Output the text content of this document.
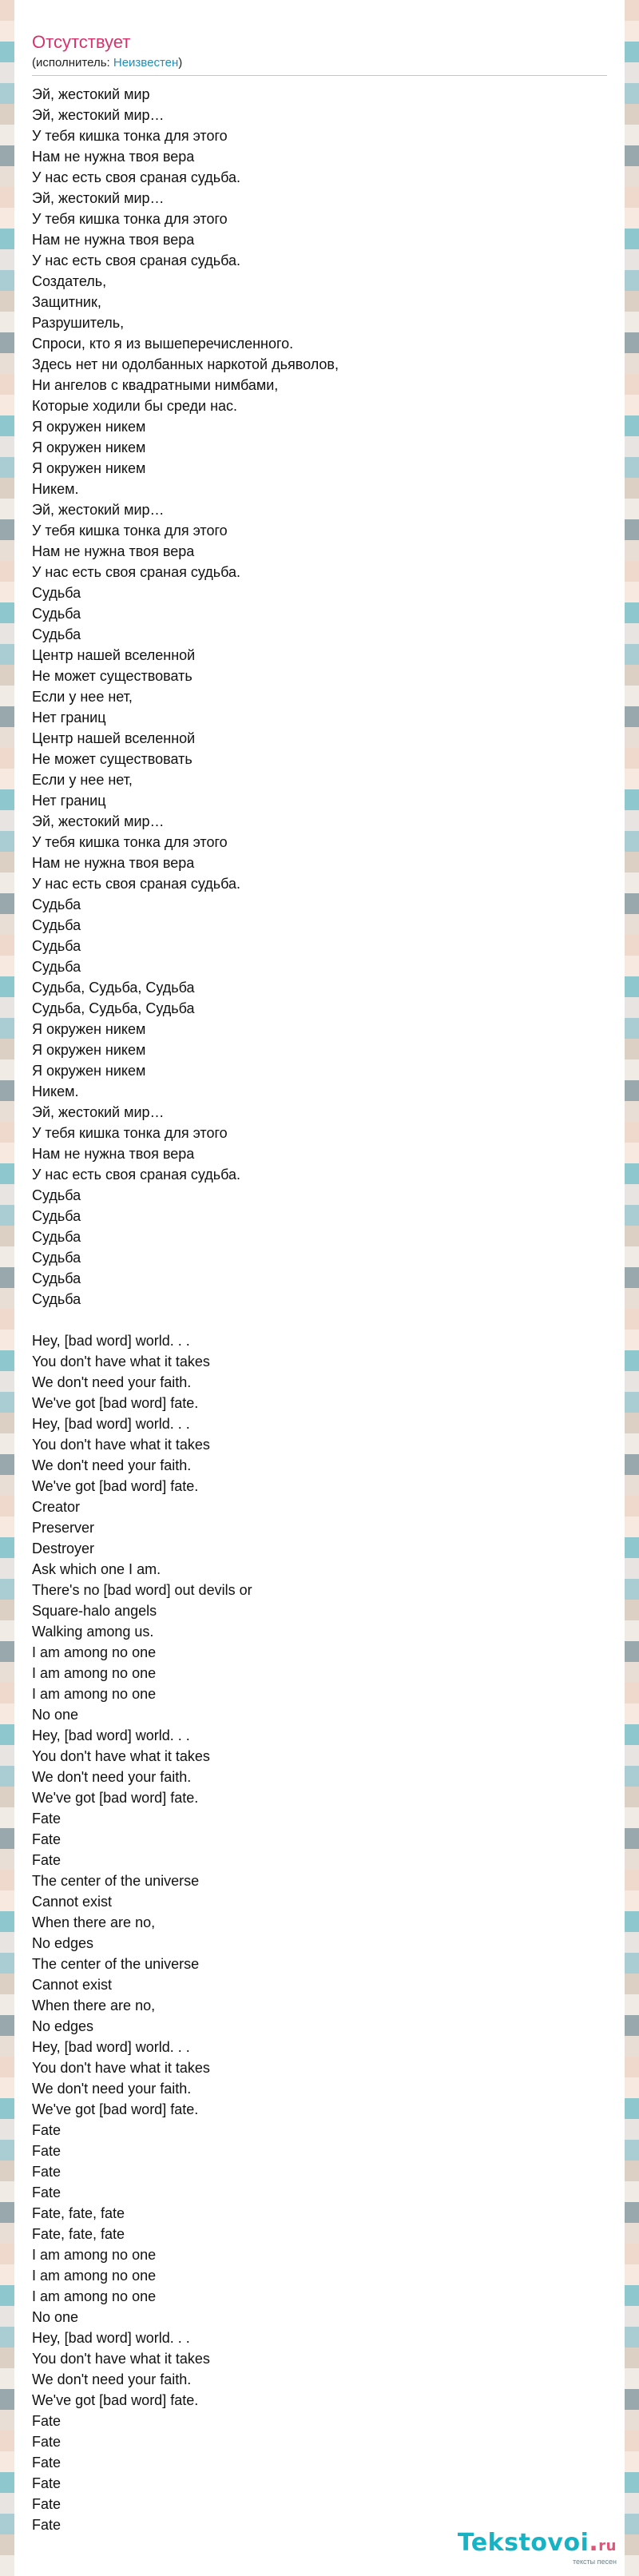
Отсутствует
(исполнитель: Неизвестен)
Эй, жестокий мир
Эй, жестокий мир…
У тебя кишка тонка для этого
Нам не нужна твоя вера
У нас есть своя сраная судьба.
Эй, жестокий мир…
У тебя кишка тонка для этого
Нам не нужна твоя вера
У нас есть своя сраная судьба.
Создатель,
Защитник,
Разрушитель,
Спроси, кто я из вышеперечисленного.
Здесь нет ни одолбанных наркотой дьяволов,
Ни ангелов с квадратными нимбами,
Которые ходили бы среди нас.
Я окружен никем
Я окружен никем
Я окружен никем
Никем.
Эй, жестокий мир…
У тебя кишка тонка для этого
Нам не нужна твоя вера
У нас есть своя сраная судьба.
Судьба
Судьба
Судьба
Центр нашей вселенной
Не может существовать
Если у нее нет,
Нет границ
Центр нашей вселенной
Не может существовать
Если у нее нет,
Нет границ
Эй, жестокий мир…
У тебя кишка тонка для этого
Нам не нужна твоя вера
У нас есть своя сраная судьба.
Судьба
Судьба
Судьба
Судьба
Судьба, Судьба, Судьба
Судьба, Судьба, Судьба
Я окружен никем
Я окружен никем
Я окружен никем
Никем.
Эй, жестокий мир…
У тебя кишка тонка для этого
Нам не нужна твоя вера
У нас есть своя сраная судьба.
Судьба
Судьба
Судьба
Судьба
Судьба
Судьба
Hey, [bad word] world. . .
You don't have what it takes
We don't need your faith.
We've got [bad word] fate.
Hey, [bad word] world. . .
You don't have what it takes
We don't need your faith.
We've got [bad word] fate.
Creator
Preserver
Destroyer
Ask which one I am.
There's no [bad word] out devils or
Square-halo angels
Walking among us.
I am among no one
I am among no one
I am among no one
No one
Hey, [bad word] world. . .
You don't have what it takes
We don't need your faith.
We've got [bad word] fate.
Fate
Fate
Fate
The center of the universe
Cannot exist
When there are no,
No edges
The center of the universe
Cannot exist
When there are no,
No edges
Hey, [bad word] world. . .
You don't have what it takes
We don't need your faith.
We've got [bad word] fate.
Fate
Fate
Fate
Fate
Fate, fate, fate
Fate, fate, fate
I am among no one
I am among no one
I am among no one
No one
Hey, [bad word] world. . .
You don't have what it takes
We don't need your faith.
We've got [bad word] fate.
Fate
Fate
Fate
Fate
Fate
Fate
Tekstovoi.ru
тексты песен
